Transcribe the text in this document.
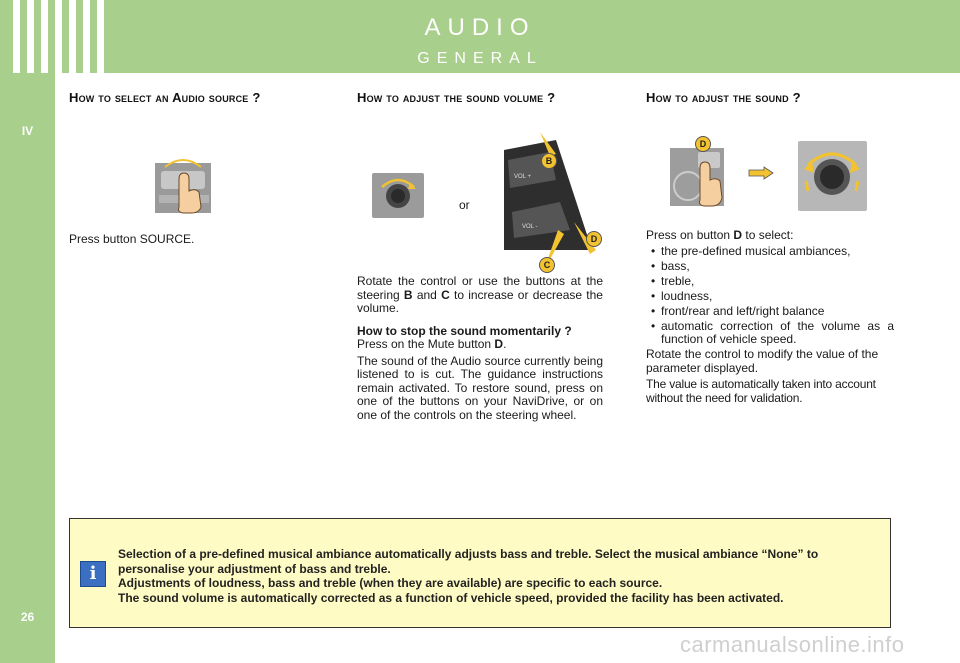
AUDIO
GENERAL
IV
26
How to select an Audio source ?
Press button SOURCE.
How to adjust the sound volume ?
or
VOL +
VOL -
B
C
D

Rotate the control or use the buttons at the steering B and C to increase or decrease the volume.

How to stop the sound momentarily ?

Press on the Mute button D.

The sound of the Audio source currently being listened to is cut. The guidance instructions remain activated. To restore sound, press on one of the buttons on your NaviDrive, or on one of the controls on the steering wheel.

How to adjust the sound ?
D

Press on button D to select:

• the pre-defined musical ambiances,
• bass,
• treble,
• loudness,
• front/rear and left/right balance
• automatic correction of the volume as a function of vehicle speed.

Rotate the control to modify the value of the parameter displayed.

The value is automatically taken into account without the need for validation.

i

Selection of a pre-defined musical ambiance automatically adjusts bass and treble. Select the musical ambiance “None” to personalise your adjustment of bass and treble.

Adjustments of loudness, bass and treble (when they are available) are specific to each source.

The sound volume is automatically corrected as a function of vehicle speed, provided the facility has been activated.

carmanualsonline.info
